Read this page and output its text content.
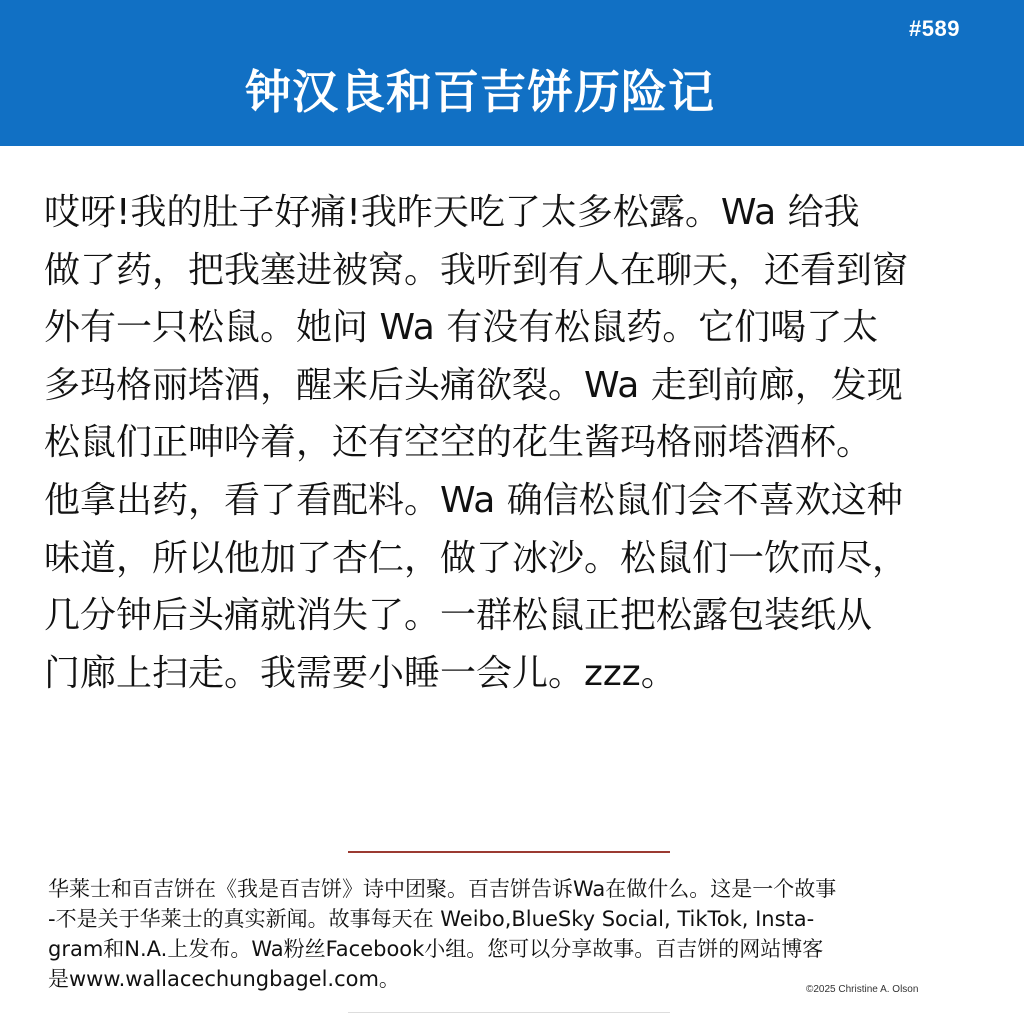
#589
钟汉良和百吉饼历险记
哎呀!我的肚子好痛!我昨天吃了太多松露。Wa 给我
做了药，把我塞进被窝。我听到有人在聊天，还看到窗
外有一只松鼠。她问 Wa 有没有松鼠药。它们喝了太
多玛格丽塔酒，醒来后头痛欲裂。Wa 走到前廊，发现
松鼠们正呻吟着，还有空空的花生酱玛格丽塔酒杯。
他拿出药，看了看配料。Wa 确信松鼠们会不喜欢这种
味道，所以他加了杏仁，做了冰沙。松鼠们一饮而尽，
几分钟后头痛就消失了。一群松鼠正把松露包装纸从
门廊上扫走。我需要小睡一会儿。zzz。
华莱士和百吉饼在《我是百吉饼》诗中团聚。百吉饼告诉Wa在做什么。这是一个故事
-不是关于华莱士的真实新闻。故事每天在 Weibo,BlueSky Social, TikTok, Insta-
gram和N.A.上发布。Wa粉丝Facebook小组。您可以分享故事。百吉饼的网站博客
是www.wallacechungbagel.com。	©2025 Christine A. Olson
